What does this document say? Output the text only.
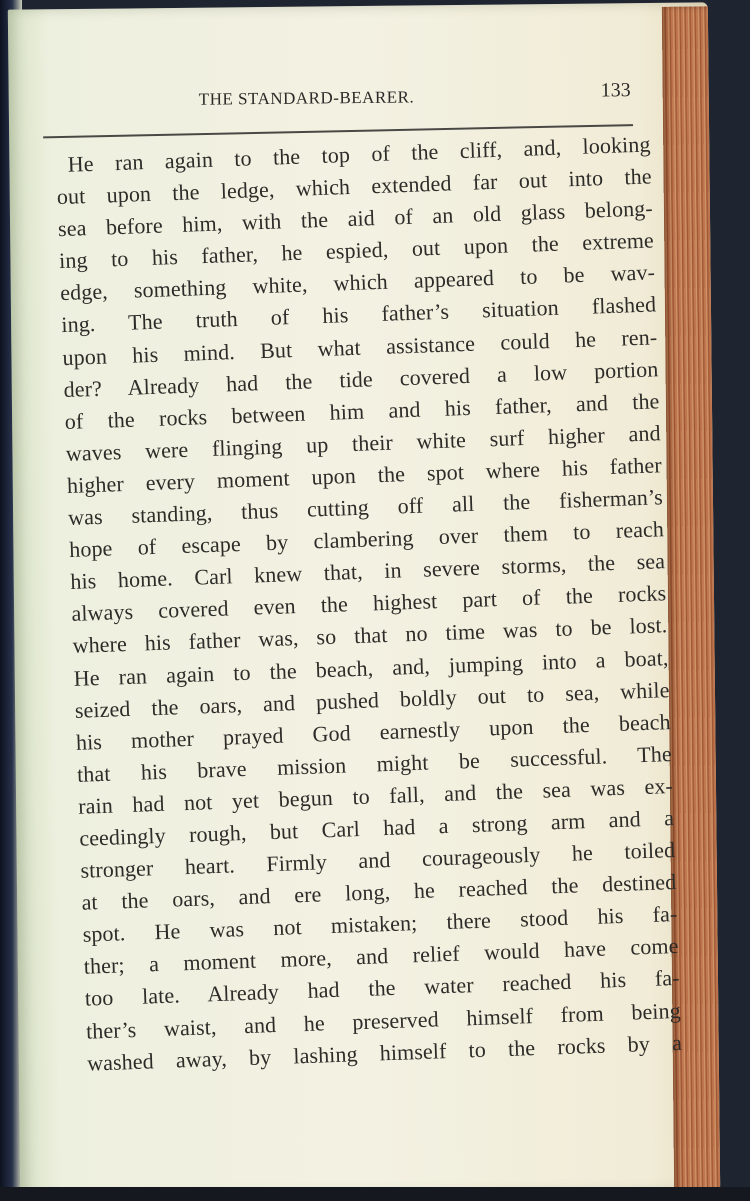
THE STANDARD-BEARER.	133
He ran again to the top of the cliff, and, looking
out upon the ledge, which extended far out into the
sea before him, with the aid of an old glass belong-
ing to his father, he espied, out upon the extreme
edge, something white, which appeared to be wav-
ing. The truth of his father’s situation flashed
upon his mind. But what assistance could he ren-
der? Already had the tide covered a low portion
of the rocks between him and his father, and the
waves were flinging up their white surf higher and
higher every moment upon the spot where his father
was standing, thus cutting off all the fisherman’s
hope of escape by clambering over them to reach
his home. Carl knew that, in severe storms, the sea
always covered even the highest part of the rocks
where his father was, so that no time was to be lost.
He ran again to the beach, and, jumping into a boat,
seized the oars, and pushed boldly out to sea, while
his mother prayed God earnestly upon the beach
that his brave mission might be successful. The
rain had not yet begun to fall, and the sea was ex-
ceedingly rough, but Carl had a strong arm and a
stronger heart. Firmly and courageously he toiled
at the oars, and ere long, he reached the destined
spot. He was not mistaken; there stood his fa-
ther; a moment more, and relief would have come
too late. Already had the water reached his fa-
ther’s waist, and he preserved himself from being
washed away, by lashing himself to the rocks by a
